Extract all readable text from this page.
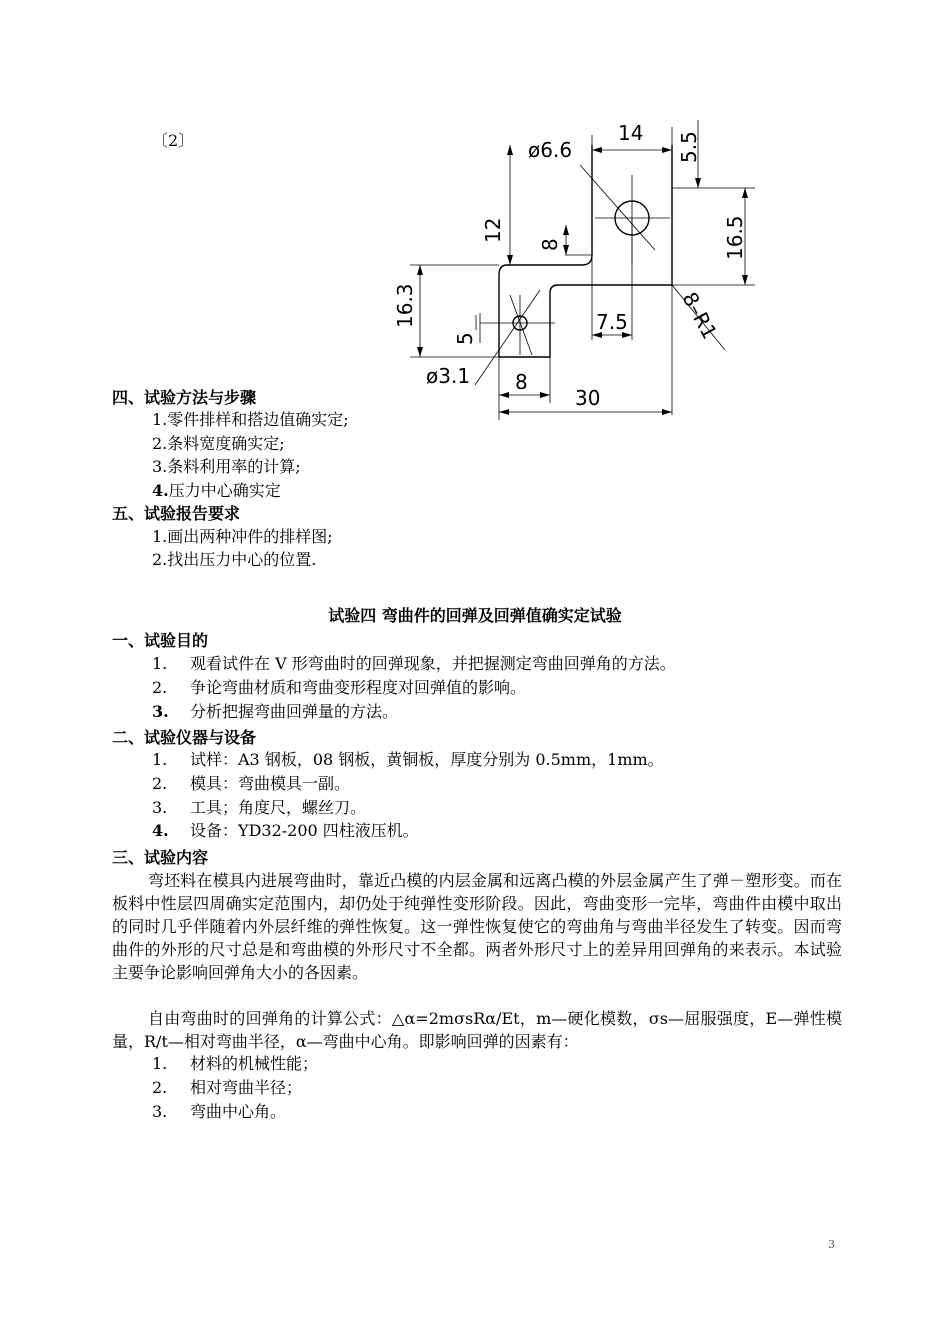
〔2〕	ø6.6
14 5.5
12
8	16.5
16.3
5
7.5 8–R1
ø3.1 8
30
四、试验方法与步骤
1.零件排样和搭边值确实定;
2.条料宽度确实定;
3.条料利用率的计算;
4.压力中心确实定
五、试验报告要求
1.画出两种冲件的排样图;
2.找出压力中心的位置.
试验四 弯曲件的回弹及回弹值确实定试验
一、试验目的
1. 观看试件在 V 形弯曲时的回弹现象，并把握测定弯曲回弹角的方法。
2. 争论弯曲材质和弯曲变形程度对回弹值的影响。
3. 分析把握弯曲回弹量的方法。
二、试验仪器与设备
1. 试样：A3 钢板，08 钢板，黄铜板，厚度分别为 0.5mm，1mm。
2. 模具：弯曲模具一副。
3. 工具；角度尺，螺丝刀。
4. 设备：YD32-200 四柱液压机。
三、试验内容
弯坯料在模具内进展弯曲时，靠近凸模的内层金属和远离凸模的外层金属产生了弹－塑形变。而在板料中性层四周确实定范围内，却仍处于纯弹性变形阶段。因此，弯曲变形一完毕，弯曲件由模中取出的同时几乎伴随着内外层纤维的弹性恢复。这一弹性恢复使它的弯曲角与弯曲半径发生了转变。因而弯曲件的外形的尺寸总是和弯曲模的外形尺寸不全都。两者外形尺寸上的差异用回弹角的来表示。本试验主要争论影响回弹角大小的各因素。
自由弯曲时的回弹角的计算公式：△α=2mσsRα/Et，m—硬化模数，σs—屈服强度，E—弹性模量，R/t—相对弯曲半径，α—弯曲中心角。即影响回弹的因素有：
1. 材料的机械性能；
2. 相对弯曲半径；
3. 弯曲中心角。
3
